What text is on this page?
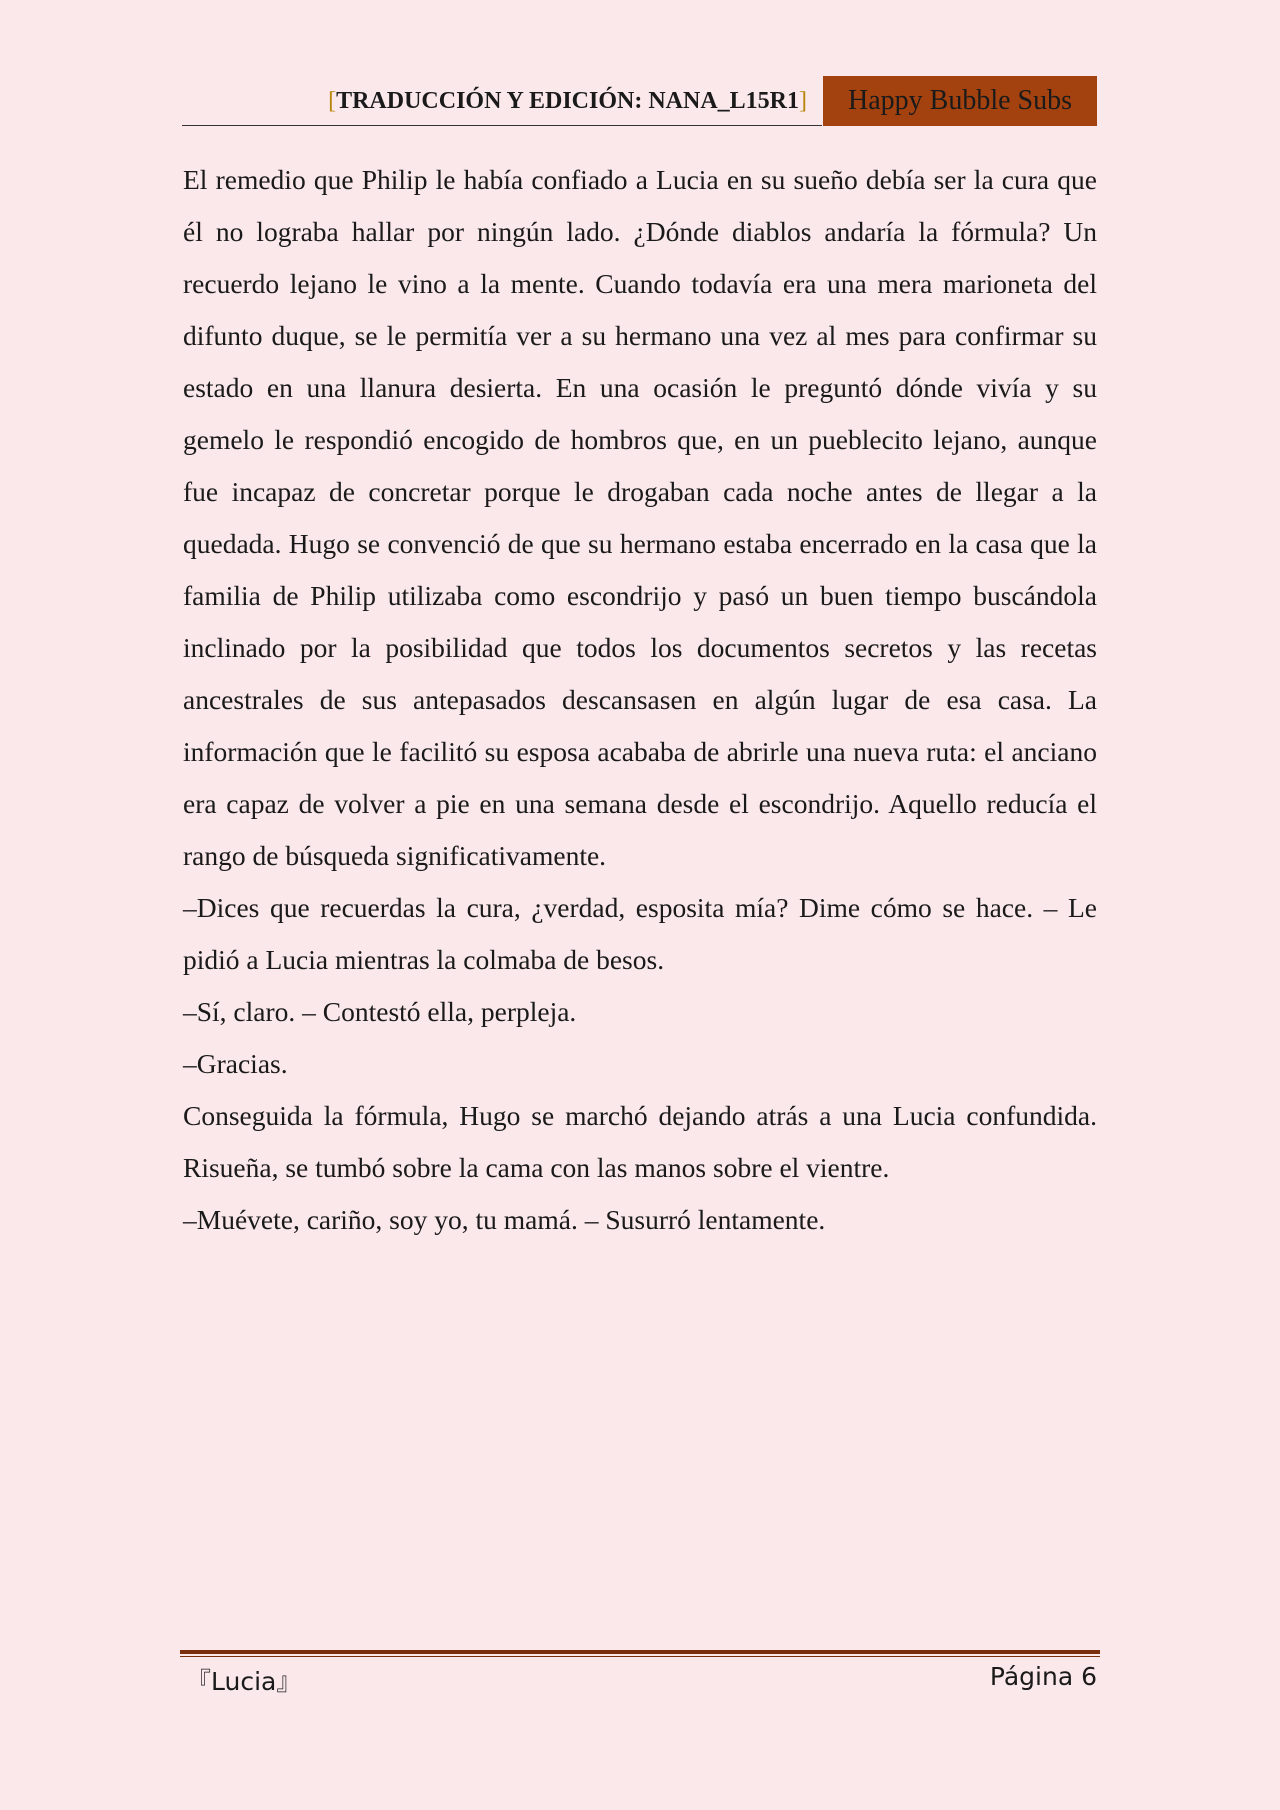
[TRADUCCIÓN Y EDICIÓN: NANA_L15R1]	Happy Bubble Subs

El remedio que Philip le había confiado a Lucia en su sueño debía ser la cura que él no lograba hallar por ningún lado. ¿Dónde diablos andaría la fórmula? Un recuerdo lejano le vino a la mente. Cuando todavía era una mera marioneta del difunto duque, se le permitía ver a su hermano una vez al mes para confirmar su estado en una llanura desierta. En una ocasión le preguntó dónde vivía y su gemelo le respondió encogido de hombros que, en un pueblecito lejano, aunque fue incapaz de concretar porque le drogaban cada noche antes de llegar a la quedada. Hugo se convenció de que su hermano estaba encerrado en la casa que la familia de Philip utilizaba como escondrijo y pasó un buen tiempo buscándola inclinado por la posibilidad que todos los documentos secretos y las recetas ancestrales de sus antepasados descansasen en algún lugar de esa casa. La información que le facilitó su esposa acababa de abrirle una nueva ruta: el anciano era capaz de volver a pie en una semana desde el escondrijo. Aquello reducía el rango de búsqueda significativamente.

–Dices que recuerdas la cura, ¿verdad, esposita mía? Dime cómo se hace. – Le pidió a Lucia mientras la colmaba de besos.

–Sí, claro. – Contestó ella, perpleja.

–Gracias.

Conseguida la fórmula, Hugo se marchó dejando atrás a una Lucia confundida. Risueña, se tumbó sobre la cama con las manos sobre el vientre.

–Muévete, cariño, soy yo, tu mamá. – Susurró lentamente.

『Lucia』	Página 6
